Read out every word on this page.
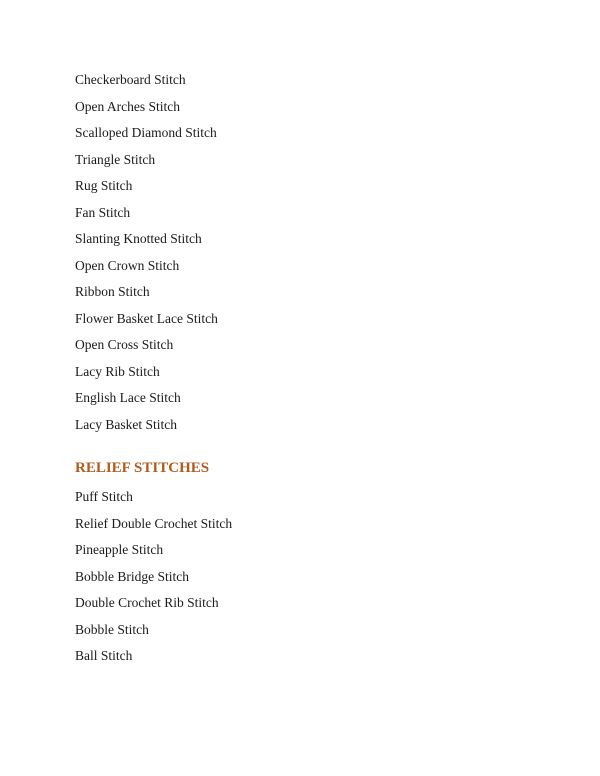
Checkerboard Stitch
Open Arches Stitch
Scalloped Diamond Stitch
Triangle Stitch
Rug Stitch
Fan Stitch
Slanting Knotted Stitch
Open Crown Stitch
Ribbon Stitch
Flower Basket Lace Stitch
Open Cross Stitch
Lacy Rib Stitch
English Lace Stitch
Lacy Basket Stitch
RELIEF STITCHES
Puff Stitch
Relief Double Crochet Stitch
Pineapple Stitch
Bobble Bridge Stitch
Double Crochet Rib Stitch
Bobble Stitch
Ball Stitch
